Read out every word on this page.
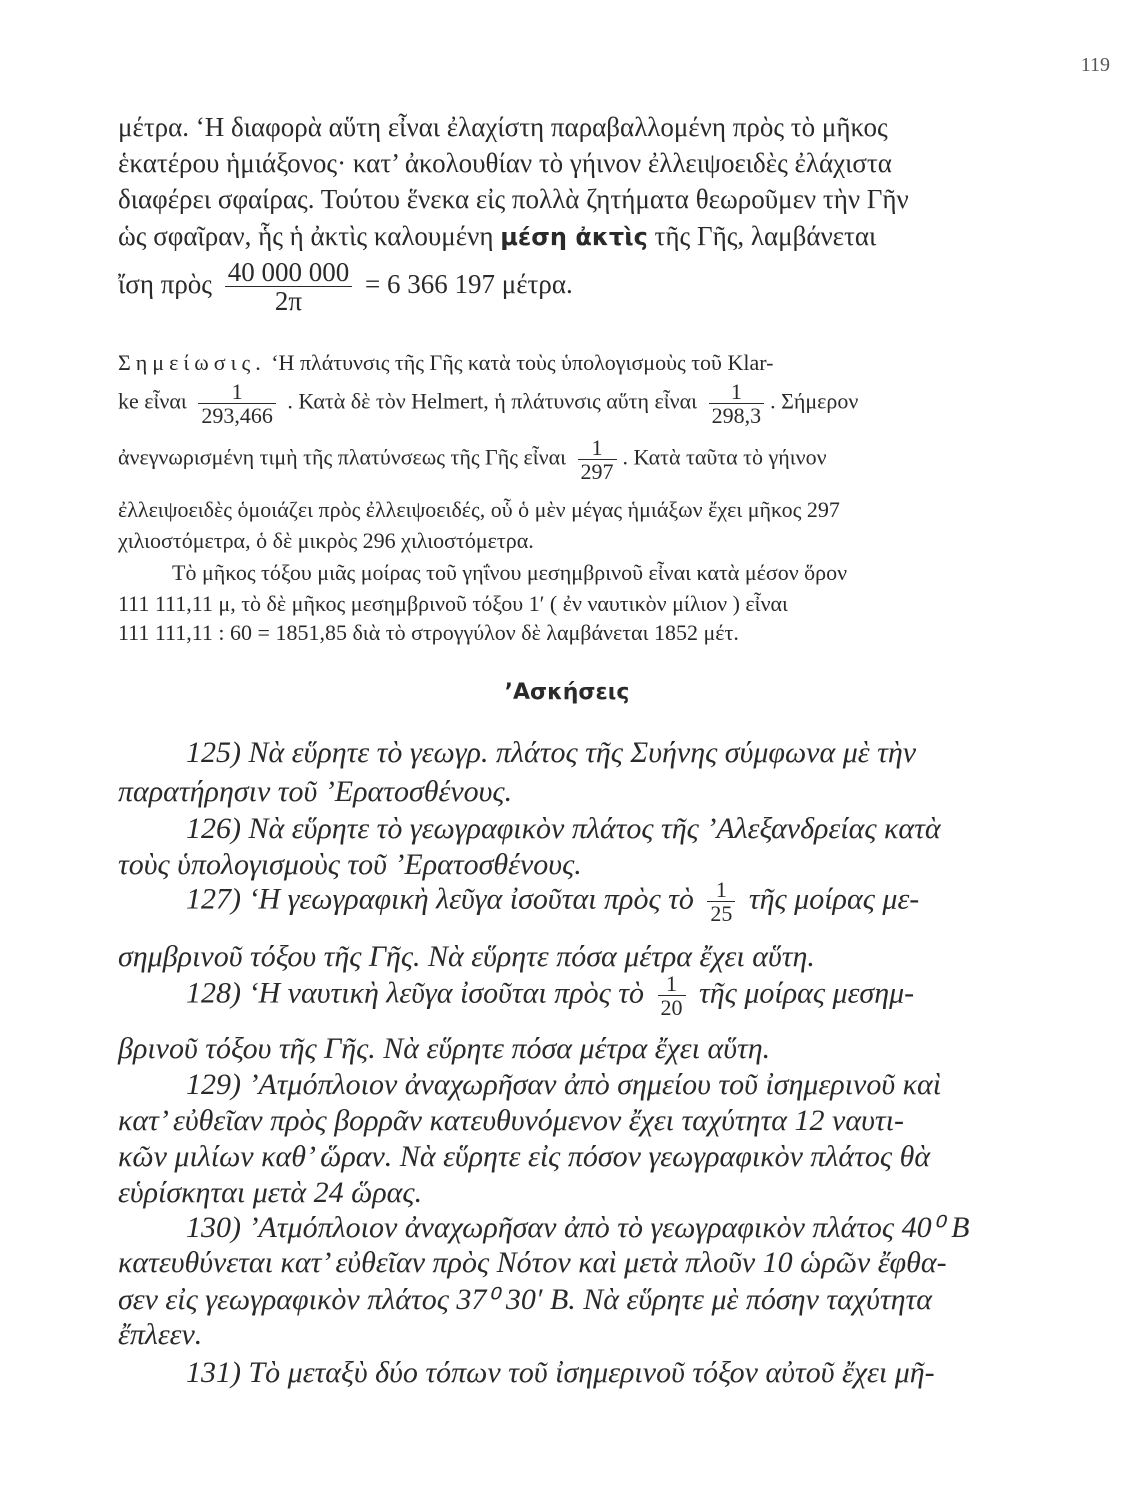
119
μέτρα. ‘Η διαφορὰ αὕτη εἶναι ἐλαχίστη παραβαλλομένη πρὸς τὸ μῆκος
ἑκατέρου ἡμιάξονος· κατ’ ἀκολουθίαν τὸ γήινον ἐλλειψοειδὲς ἐλάχιστα
διαφέρει σφαίρας. Τούτου ἕνεκα εἰς πολλὰ ζητήματα θεωροῦμεν τὴν Γῆν
ὡς σφαῖραν, ἧς ἡ ἀκτὶς καλουμένη μέση ἀκτὶς τῆς Γῆς, λαμβάνεται
ἴση πρὸς $\frac{40 000 000}{2\pi} = 6$ 366 197 μέτρα.
Σημείωσις. ‘Η πλάτυνσις τῆς Γῆς κατὰ τοὺς ὑπολογισμοὺς τοῦ Klar-
ke εἶναι $\frac{1}{293,466}$ . Κατὰ δὲ τὸν Helmert, ἡ πλάτυνσις αὕτη εἶναι $\frac{1}{298,3}$ . Σήμερον
ἀνεγνωρισμένη τιμὴ τῆς πλατύνσεως τῆς Γῆς εἶναι $\frac{1}{297}$ . Κατὰ ταῦτα τὸ γήινον
ἐλλειψοειδὲς ὁμοιάζει πρὸς ἐλλειψοειδές, οὗ ὁ μὲν μέγας ἡμιάξων ἔχει μῆκος 297
χιλιοστόμετρα, ὁ δὲ μικρὸς 296 χιλιοστόμετρα.
Τὸ μῆκος τόξου μιᾶς μοίρας τοῦ γηΐνου μεσημβρινοῦ εἶναι κατὰ μέσον ὅρον
111 111,11 μ, τὸ δὲ μῆκος μεσημβρινοῦ τόξου 1′ ( ἐν ναυτικὸν μίλιον ) εἶναι
111 111,11 : 60 = 1851,85 διὰ τὸ στρογγύλον δὲ λαμβάνεται 1852 μέτ.
’Ασκήσεις
125) Νὰ εὕρητε τὸ γεωγρ. πλάτος τῆς Συήνης σύμφωνα μὲ τὴν
παρατήρησιν τοῦ ’Ερατοσθένους.
126) Νὰ εὕρητε τὸ γεωγραφικὸν πλάτος τῆς ’Αλεξανδρείας κατὰ
τοὺς ὑπολογισμοὺς τοῦ ’Ερατοσθένους.
127) ‘Η γεωγραφικὴ λεῦγα ἰσοῦται πρὸς τὸ $\frac{1}{25}$ τῆς μοίρας με-
σημβρινοῦ τόξου τῆς Γῆς. Νὰ εὕρητε πόσα μέτρα ἔχει αὕτη.
128) ‘Η ναυτικὴ λεῦγα ἰσοῦται πρὸς τὸ $\frac{1}{20}$ τῆς μοίρας μεσημ-
βρινοῦ τόξου τῆς Γῆς. Νὰ εὕρητε πόσα μέτρα ἔχει αὕτη.
129) ’Ατμόπλοιον ἀναχωρῆσαν ἀπὸ σημείου τοῦ ἰσημερινοῦ καὶ
κατ’ εὐθεῖαν πρὸς βορρᾶν κατευθυνόμενον ἔχει ταχύτητα 12 ναυτι-
κῶν μιλίων καθ’ ὥραν. Νὰ εὕρητε εἰς πόσον γεωγραφικὸν πλάτος θὰ
εὑρίσκηται μετὰ 24 ὥρας.
130) ’Ατμόπλοιον ἀναχωρῆσαν ἀπὸ τὸ γεωγραφικὸν πλάτος 40⁰ Β
κατευθύνεται κατ’ εὐθεῖαν πρὸς Νότον καὶ μετὰ πλοῦν 10 ὡρῶν ἔφθα-
σεν εἰς γεωγραφικὸν πλάτος 37⁰ 30′ Β. Νὰ εὕρητε μὲ πόσην ταχύτητα
ἔπλεεν.
131) Τὸ μεταξὺ δύο τόπων τοῦ ἰσημερινοῦ τόξον αὐτοῦ ἔχει μῆ-
